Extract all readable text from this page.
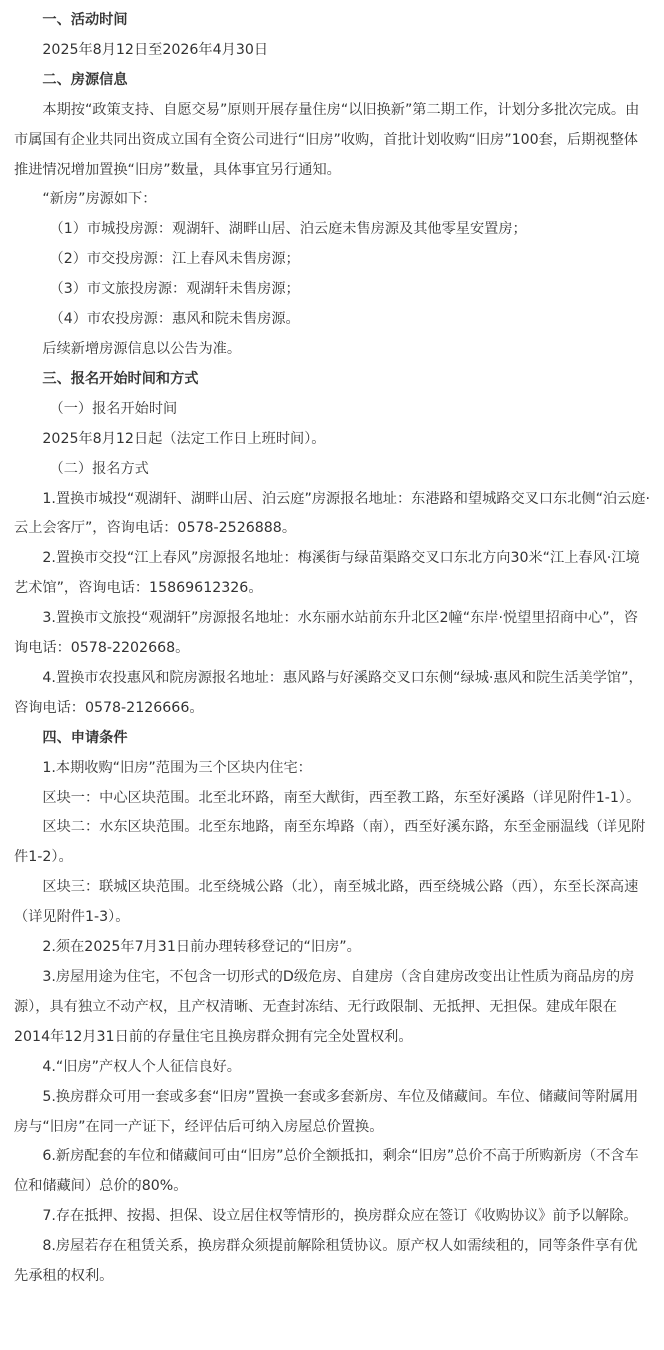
一、活动时间

2025年8月12日至2026年4月30日

二、房源信息

本期按“政策支持、自愿交易”原则开展存量住房“以旧换新”第二期工作，计划分多批次完成。由市属国有企业共同出资成立国有全资公司进行“旧房”收购，首批计划收购“旧房”100套，后期视整体推进情况增加置换“旧房”数量，具体事宜另行通知。

“新房”房源如下：

（1）市城投房源：观湖轩、湖畔山居、泊云庭未售房源及其他零星安置房；

（2）市交投房源：江上春风未售房源；

（3）市文旅投房源：观湖轩未售房源；

（4）市农投房源：惠风和院未售房源。

后续新增房源信息以公告为准。

三、报名开始时间和方式

（一）报名开始时间

2025年8月12日起（法定工作日上班时间）。

（二）报名方式

1.置换市城投“观湖轩、湖畔山居、泊云庭”房源报名地址：东港路和望城路交叉口东北侧“泊云庭·云上会客厅”，咨询电话：0578-2526888。

2.置换市交投“江上春风”房源报名地址：梅溪街与绿苗渠路交叉口东北方向30米“江上春风·江境艺术馆”，咨询电话：15869612326。

3.置换市文旅投“观湖轩”房源报名地址：水东丽水站前东升北区2幢“东岸·悦望里招商中心”，咨询电话：0578-2202668。

4.置换市农投惠风和院房源报名地址：惠风路与好溪路交叉口东侧“绿城·惠风和院生活美学馆”，咨询电话：0578-2126666。

四、申请条件

1.本期收购“旧房”范围为三个区块内住宅：

区块一：中心区块范围。北至北环路，南至大猷街，西至教工路，东至好溪路（详见附件1-1）。

区块二：水东区块范围。北至东地路，南至东埠路（南），西至好溪东路，东至金丽温线（详见附件1-2）。

区块三：联城区块范围。北至绕城公路（北），南至城北路，西至绕城公路（西），东至长深高速（详见附件1-3）。

2.须在2025年7月31日前办理转移登记的“旧房”。

3.房屋用途为住宅，不包含一切形式的D级危房、自建房（含自建房改变出让性质为商品房的房源），具有独立不动产权，且产权清晰、无查封冻结、无行政限制、无抵押、无担保。建成年限在2014年12月31日前的存量住宅且换房群众拥有完全处置权利。

4.“旧房”产权人个人征信良好。

5.换房群众可用一套或多套“旧房”置换一套或多套新房、车位及储藏间。车位、储藏间等附属用房与“旧房”在同一产证下，经评估后可纳入房屋总价置换。

6.新房配套的车位和储藏间可由“旧房”总价全额抵扣，剩余“旧房”总价不高于所购新房（不含车位和储藏间）总价的80%。

7.存在抵押、按揭、担保、设立居住权等情形的，换房群众应在签订《收购协议》前予以解除。

8.房屋若存在租赁关系，换房群众须提前解除租赁协议。原产权人如需续租的，同等条件享有优先承租的权利。
